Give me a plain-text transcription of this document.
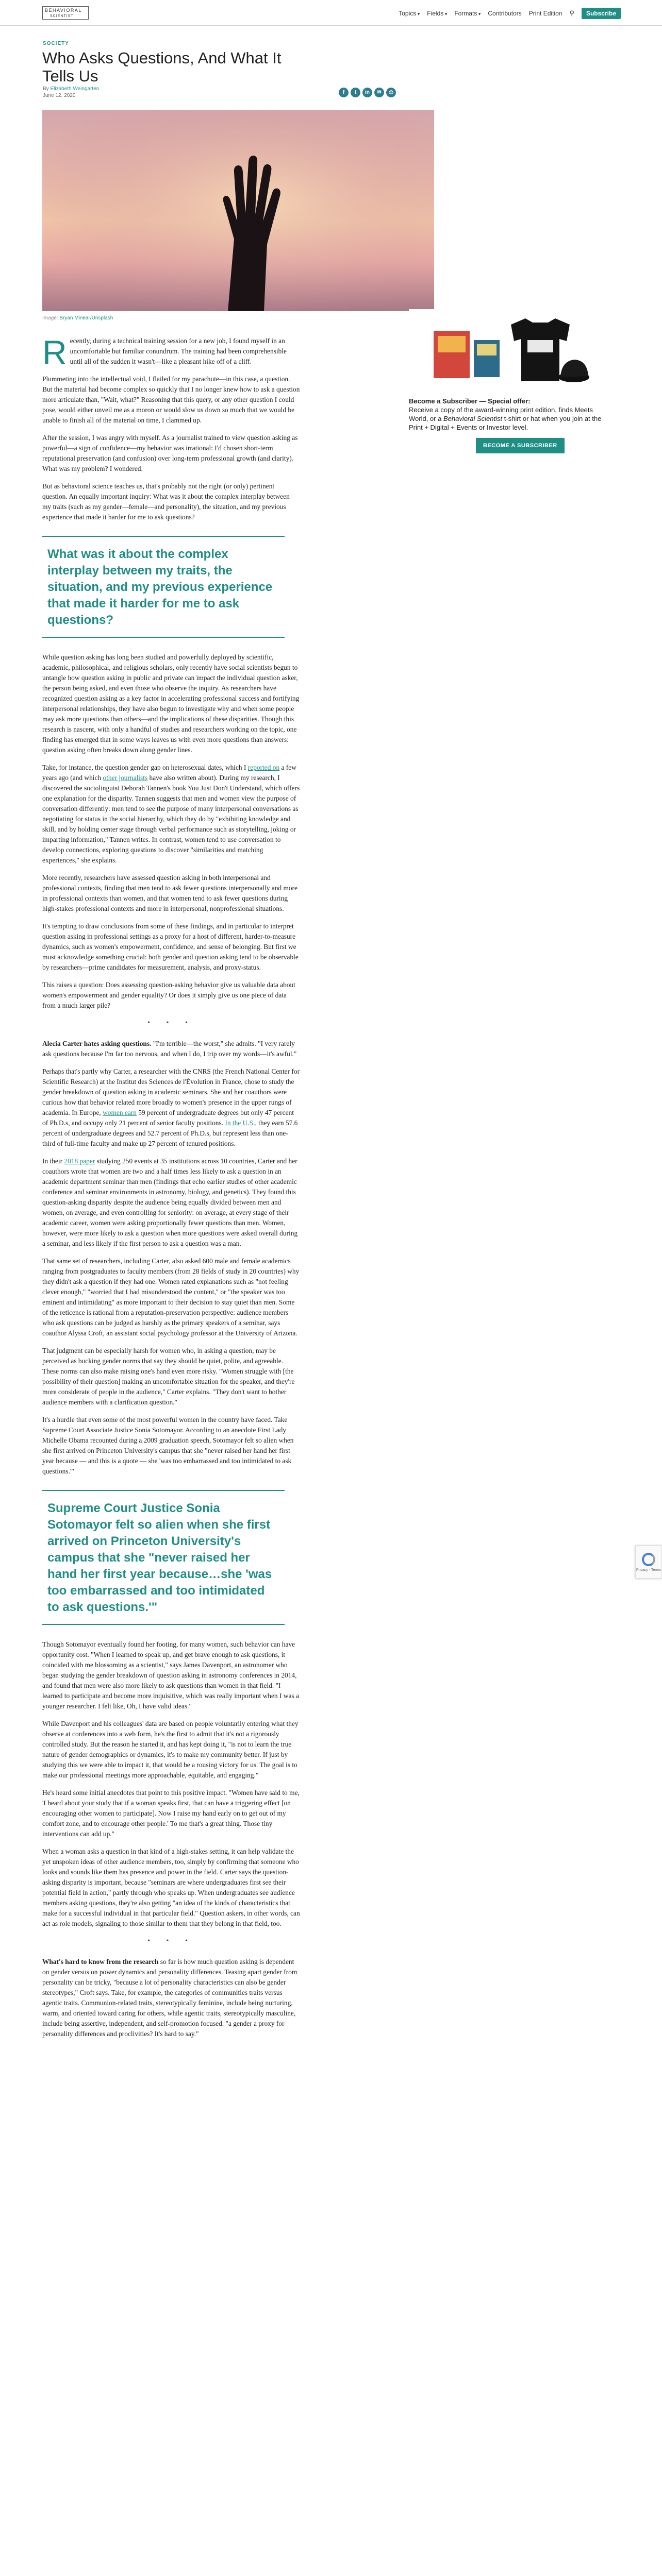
BEHAVIORAL
SCIENTIST	Topics ▾	Fields ▾	Formats ▾	Contributors Print Edition ⚲	Subscribe
SOCIETY
Who Asks Questions, And What It Tells Us
By Elizabeth Weingarten
June 12, 2020
f	t	in	✉	⎙
Image: Bryan Minear/Unsplash

Recently, during a technical training session for a new job, I found myself in an uncomfortable but familiar conundrum. The training had been comprehensible until all of the sudden it wasn't—like a pleasant hike off of a cliff.

Plummeting into the intellectual void, I flailed for my parachute—in this case, a question. But the material had become complex so quickly that I no longer knew how to ask a question more articulate than, "Wait, what?" Reasoning that this query, or any other question I could pose, would either unveil me as a moron or would slow us down so much that we would be unable to finish all of the material on time, I clammed up.

After the session, I was angry with myself. As a journalist trained to view question asking as powerful—a sign of confidence—my behavior was irrational: I'd chosen short-term reputational preservation (and confusion) over long-term professional growth (and clarity). What was my problem? I wondered.

But as behavioral science teaches us, that's probably not the right (or only) pertinent question. An equally important inquiry: What was it about the complex interplay between my traits (such as my gender—female—and personality), the situation, and my previous experience that made it harder for me to ask questions?

What was it about the complex interplay between my traits, the situation, and my previous experience that made it harder for me to ask questions?

While question asking has long been studied and powerfully deployed by scientific, academic, philosophical, and religious scholars, only recently have social scientists begun to untangle how question asking in public and private can impact the individual question asker, the person being asked, and even those who observe the inquiry. As researchers have recognized question asking as a key factor in accelerating professional success and fortifying interpersonal relationships, they have also begun to investigate why and when some people may ask more questions than others—and the implications of these disparities. Though this research is nascent, with only a handful of studies and researchers working on the topic, one finding has emerged that in some ways leaves us with even more questions than answers: question asking often breaks down along gender lines.

Take, for instance, the question gender gap on heterosexual dates, which I reported on a few years ago (and which other journalists have also written about). During my research, I discovered the sociolinguist Deborah Tannen's book You Just Don't Understand, which offers one explanation for the disparity. Tannen suggests that men and women view the purpose of conversation differently: men tend to see the purpose of many interpersonal conversations as negotiating for status in the social hierarchy, which they do by "exhibiting knowledge and skill, and by holding center stage through verbal performance such as storytelling, joking or imparting information," Tannen writes. In contrast, women tend to use conversation to develop connections, exploring questions to discover "similarities and matching experiences," she explains.

More recently, researchers have assessed question asking in both interpersonal and professional contexts, finding that men tend to ask fewer questions interpersonally and more in professional contexts than women, and that women tend to ask fewer questions during high-stakes professional contexts and more in interpersonal, nonprofessional situations.

It's tempting to draw conclusions from some of these findings, and in particular to interpret question asking in professional settings as a proxy for a host of different, harder-to-measure dynamics, such as women's empowerment, confidence, and sense of belonging. But first we must acknowledge something crucial: both gender and question asking tend to be observable by researchers—prime candidates for measurement, analysis, and proxy-status.

This raises a question: Does assessing question-asking behavior give us valuable data about women's empowerment and gender equality? Or does it simply give us one piece of data from a much larger pile?

• • •

Alecia Carter hates asking questions. "I'm terrible—the worst," she admits. "I very rarely ask questions because I'm far too nervous, and when I do, I trip over my words—it's awful."

Perhaps that's partly why Carter, a researcher with the CNRS (the French National Center for Scientific Research) at the Institut des Sciences de l'Évolution in France, chose to study the gender breakdown of question asking in academic seminars. She and her coauthors were curious how that behavior related more broadly to women's presence in the upper rungs of academia. In Europe, women earn 59 percent of undergraduate degrees but only 47 percent of Ph.D.s, and occupy only 21 percent of senior faculty positions. In the U.S., they earn 57.6 percent of undergraduate degrees and 52.7 percent of Ph.D.s, but represent less than one-third of full-time faculty and make up 27 percent of tenured positions.

In their 2018 paper studying 250 events at 35 institutions across 10 countries, Carter and her coauthors wrote that women are two and a half times less likely to ask a question in an academic department seminar than men (findings that echo earlier studies of other academic conference and seminar environments in astronomy, biology, and genetics). They found this question-asking disparity despite the audience being equally divided between men and women, on average, and even controlling for seniority: on average, at every stage of their academic career, women were asking proportionally fewer questions than men. Women, however, were more likely to ask a question when more questions were asked overall during a seminar, and less likely if the first person to ask a question was a man.

That same set of researchers, including Carter, also asked 600 male and female academics ranging from postgraduates to faculty members (from 28 fields of study in 20 countries) why they didn't ask a question if they had one. Women rated explanations such as "not feeling clever enough," "worried that I had misunderstood the content," or "the speaker was too eminent and intimidating" as more important to their decision to stay quiet than men. Some of the reticence is rational from a reputation-preservation perspective: audience members who ask questions can be judged as harshly as the primary speakers of a seminar, says coauthor Alyssa Croft, an assistant social psychology professor at the University of Arizona.

That judgment can be especially harsh for women who, in asking a question, may be perceived as bucking gender norms that say they should be quiet, polite, and agreeable. These norms can also make raising one's hand even more risky. "Women struggle with [the possibility of their question] making an uncomfortable situation for the speaker, and they're more considerate of people in the audience," Carter explains. "They don't want to bother audience members with a clarification question."

It's a hurdle that even some of the most powerful women in the country have faced. Take Supreme Court Associate Justice Sonia Sotomayor. According to an anecdote First Lady Michelle Obama recounted during a 2009 graduation speech, Sotomayor felt so alien when she first arrived on Princeton University's campus that she "never raised her hand her first year because — and this is a quote — she 'was too embarrassed and too intimidated to ask questions.'"

Supreme Court Justice Sonia Sotomayor felt so alien when she first arrived on Princeton University's campus that she "never raised her hand her first year because…she 'was too embarrassed and too intimidated to ask questions.'"

Though Sotomayor eventually found her footing, for many women, such behavior can have opportunity cost. "When I learned to speak up, and get brave enough to ask questions, it coincided with me blossoming as a scientist," says James Davenport, an astronomer who began studying the gender breakdown of question asking in astronomy conferences in 2014, and found that men were also more likely to ask questions than women in that field. "I learned to participate and become more inquisitive, which was really important when I was a younger researcher. I felt like, Oh, I have valid ideas."

While Davenport and his colleagues' data are based on people voluntarily entering what they observe at conferences into a web form, he's the first to admit that it's not a rigorously controlled study. But the reason he started it, and has kept doing it, "is not to learn the true nature of gender demographics or dynamics, it's to make my community better. If just by studying this we were able to impact it, that would be a rousing victory for us. The goal is to make our professional meetings more approachable, equitable, and engaging."

He's heard some initial anecdotes that point to this positive impact. "Women have said to me, 'I heard about your study that if a woman speaks first, that can have a triggering effect [on encouraging other women to participate]. Now I raise my hand early on to get out of my comfort zone, and to encourage other people.' To me that's a great thing. Those tiny interventions can add up."

When a woman asks a question in that kind of a high-stakes setting, it can help validate the yet unspoken ideas of other audience members, too, simply by confirming that someone who looks and sounds like them has presence and power in the field. Carter says the question-asking disparity is important, because "seminars are where undergraduates first see their potential field in action," partly through who speaks up. When undergraduates see audience members asking questions, they're also getting "an idea of the kinds of characteristics that make for a successful individual in that particular field." Question askers, in other words, can act as role models, signaling to those similar to them that they belong in that field, too.

• • •

What's hard to know from the research so far is how much question asking is dependent on gender versus on power dynamics and personality differences. Teasing apart gender from personality can be tricky, "because a lot of personality characteristics can also be gender stereotypes," Croft says. Take, for example, the categories of communities traits versus agentic traits. Communion-related traits, stereotypically feminine, include being nurturing, warm, and oriented toward caring for others, while agentic traits, stereotypically masculine, include being assertive, independent, and self-promotion focused. "a gender a proxy for personality differences and proclivities? It's hard to say."

Become a Subscriber — Special offer:
Receive a copy of the award-winning print edition, finds Meets World, or a Behavioral Scientist t-shirt or hat when you join at the Print + Digital + Events or Investor level.
BECOME A SUBSCRIBER
Privacy - Terms
